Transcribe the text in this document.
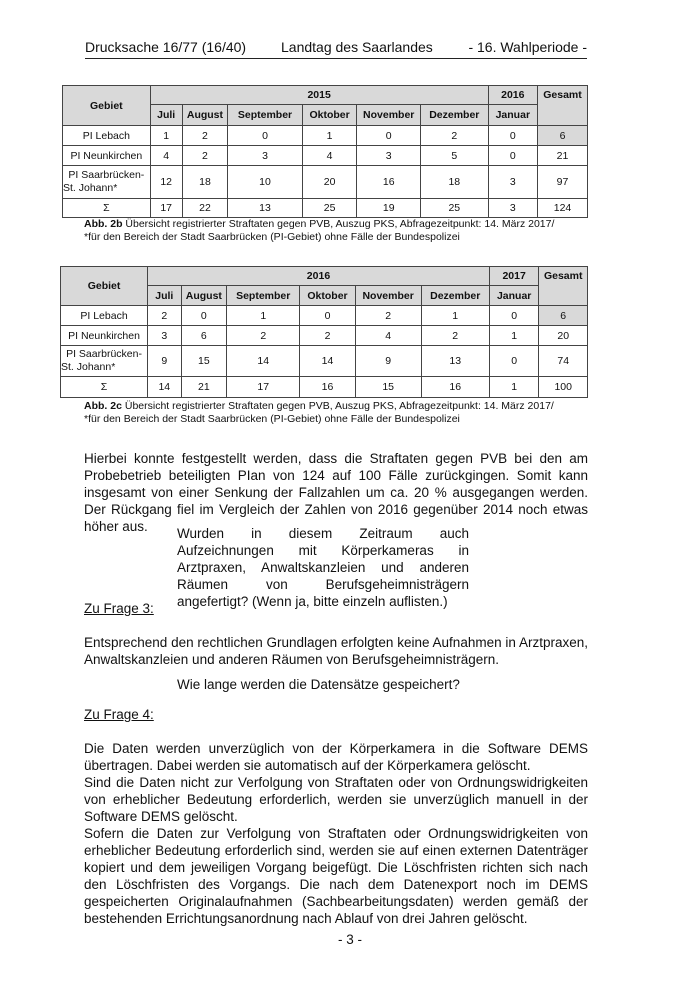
Drucksache 16/77 (16/40) Landtag des Saarlandes	- 16. Wahlperiode -
Gebiet	2015						2016	Gesamt
	Juli	August	September	Oktober	November	Dezember	Januar	
PI Lebach	1	2	0	1	0	2	0	6
PI Neunkirchen	4	2	3	4	3	5	0	21
PI Saarbrücken-St. Johann*	12	18	10	20	16	18	3	97
Σ	17	22	13	25	19	25	3	124
Abb. 2b Übersicht registrierter Straftaten gegen PVB, Auszug PKS, Abfragezeitpunkt: 14. März 2017/
*für den Bereich der Stadt Saarbrücken (PI-Gebiet) ohne Fälle der Bundespolizei
Gebiet	2016						2017	Gesamt
	Juli	August	September	Oktober	November	Dezember	Januar	
PI Lebach	2	0	1	0	2	1	0	6
PI Neunkirchen	3	6	2	2	4	2	1	20
PI Saarbrücken-St. Johann*	9	15	14	14	9	13	0	74
Σ	14	21	17	16	15	16	1	100
Abb. 2c Übersicht registrierter Straftaten gegen PVB, Auszug PKS, Abfragezeitpunkt: 14. März 2017/
*für den Bereich der Stadt Saarbrücken (PI-Gebiet) ohne Fälle der Bundespolizei

Hierbei konnte festgestellt werden, dass die Straftaten gegen PVB bei den am Probebetrieb beteiligten PIan von 124 auf 100 Fälle zurückgingen. Somit kann insgesamt von einer Senkung der Fallzahlen um ca. 20 % ausgegangen werden. Der Rückgang fiel im Vergleich der Zahlen von 2016 gegenüber 2014 noch etwas höher aus.	Wurden in diesem Zeitraum auch Aufzeichnungen mit Körperkameras in Arztpraxen, Anwaltskanzleien und anderen Räumen von Berufsgeheimnisträgern angefertigt? (Wenn ja, bitte einzeln auflisten.)

Zu Frage 3:

Entsprechend den rechtlichen Grundlagen erfolgten keine Aufnahmen in Arztpraxen, Anwaltskanzleien und anderen Räumen von Berufsgeheimnisträgern.

Wie lange werden die Datensätze gespeichert?

Zu Frage 4:

Die Daten werden unverzüglich von der Körperkamera in die Software DEMS übertragen. Dabei werden sie automatisch auf der Körperkamera gelöscht.

Sind die Daten nicht zur Verfolgung von Straftaten oder von Ordnungswidrigkeiten von erheblicher Bedeutung erforderlich, werden sie unverzüglich manuell in der Software DEMS gelöscht.

Sofern die Daten zur Verfolgung von Straftaten oder Ordnungswidrigkeiten von erheblicher Bedeutung erforderlich sind, werden sie auf einen externen Datenträger kopiert und dem jeweiligen Vorgang beigefügt. Die Löschfristen richten sich nach den Löschfristen des Vorgangs. Die nach dem Datenexport noch im DEMS gespeicherten Originalaufnahmen (Sachbearbeitungsdaten) werden gemäß der bestehenden Errichtungsanordnung nach Ablauf von drei Jahren gelöscht.

- 3 -
